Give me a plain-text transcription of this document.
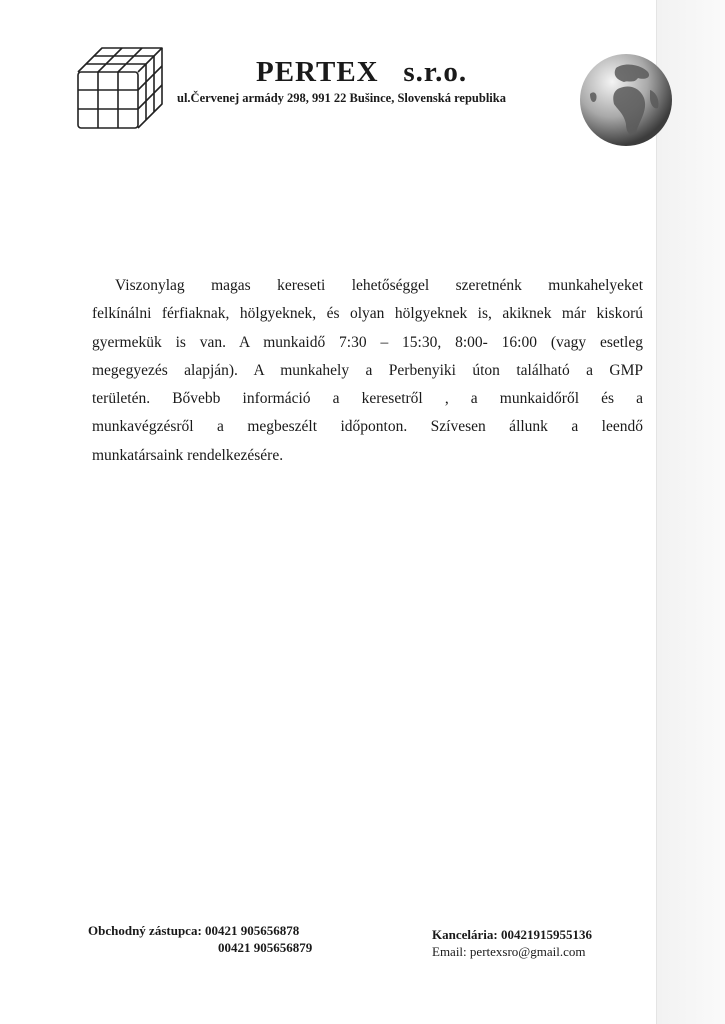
PERTEX   s.r.o.
ul.Červenej armády 298, 991 22 Bušince, Slovenská republika
Viszonylag magas kereseti lehetőséggel szeretnénk munkahelyeket
felkínálni férfiaknak, hölgyeknek, és olyan hölgyeknek is, akiknek már kiskorú
gyermekük is van. A munkaidő 7:30 – 15:30, 8:00- 16:00 (vagy esetleg
megegyezés alapján). A munkahely a Perbenyiki úton található a GMP
területén. Bővebb információ a keresetről , a munkaidőről és a
munkavégzésről a megbeszélt időponton. Szívesen állunk a leendő
munkatársaink rendelkezésére.
Obchodný zástupca: 00421 905656878
00421 905656879
Kancelária: 00421915955136
Email: pertexsro@gmail.com
